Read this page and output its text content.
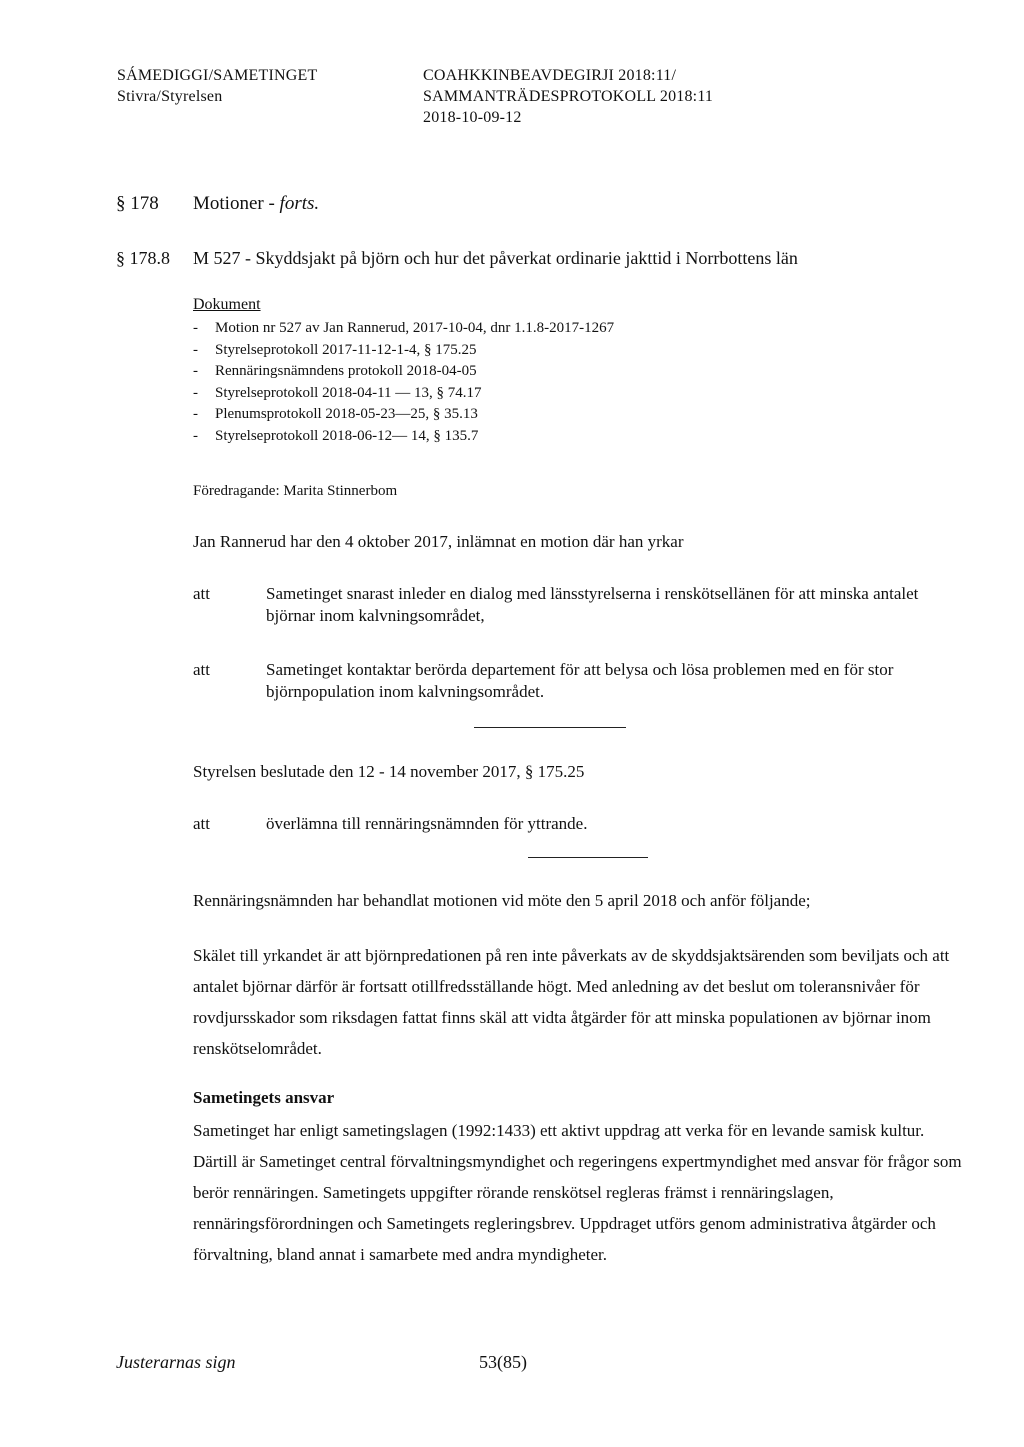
SÁMEDIGGI/SAMETINGET
Stivra/Styrelsen
COAHKKINBEAVDEGIRJI 2018:11/
SAMMANTRÄDESPROTOKOLL 2018:11
2018-10-09-12
§ 178 Motioner - forts.
§ 178.8 M 527 - Skyddsjakt på björn och hur det påverkat ordinarie jakttid i Norrbottens län
Dokument
-	Motion nr 527 av Jan Rannerud, 2017-10-04, dnr 1.1.8-2017-1267
-	Styrelseprotokoll 2017-11-12-1-4, § 175.25
-	Rennäringsnämndens protokoll 2018-04-05
-	Styrelseprotokoll 2018-04-11 — 13, § 74.17
-	Plenumsprotokoll 2018-05-23—25, § 35.13
-	Styrelseprotokoll 2018-06-12— 14, § 135.7
Föredragande: Marita Stinnerbom
Jan Rannerud har den 4 oktober 2017, inlämnat en motion där han yrkar
att	Sametinget snarast inleder en dialog med länsstyrelserna i renskötsellänen för att minska antalet björnar inom kalvningsområdet,
att	Sametinget kontaktar berörda departement för att belysa och lösa problemen med en för stor björnpopulation inom kalvningsområdet.
Styrelsen beslutade den 12 - 14 november 2017, § 175.25
att	överlämna till rennäringsnämnden för yttrande.
Rennäringsnämnden har behandlat motionen vid möte den 5 april 2018 och anför följande;

Skälet till yrkandet är att björnpredationen på ren inte påverkats av de skyddsjaktsärenden som beviljats och att antalet björnar därför är fortsatt otillfredsställande högt. Med anledning av det beslut om toleransnivåer för rovdjursskador som riksdagen fattat finns skäl att vidta åtgärder för att minska populationen av björnar inom renskötselområdet.

Sametingets ansvar

Sametinget har enligt sametingslagen (1992:1433) ett aktivt uppdrag att verka för en levande samisk kultur. Därtill är Sametinget central förvaltningsmyndighet och regeringens expertmyndighet med ansvar för frågor som berör rennäringen. Sametingets uppgifter rörande renskötsel regleras främst i rennäringslagen, rennäringsförordningen och Sametingets regleringsbrev. Uppdraget utförs genom administrativa åtgärder och förvaltning, bland annat i samarbete med andra myndigheter.

Justerarnas sign	53(85)
